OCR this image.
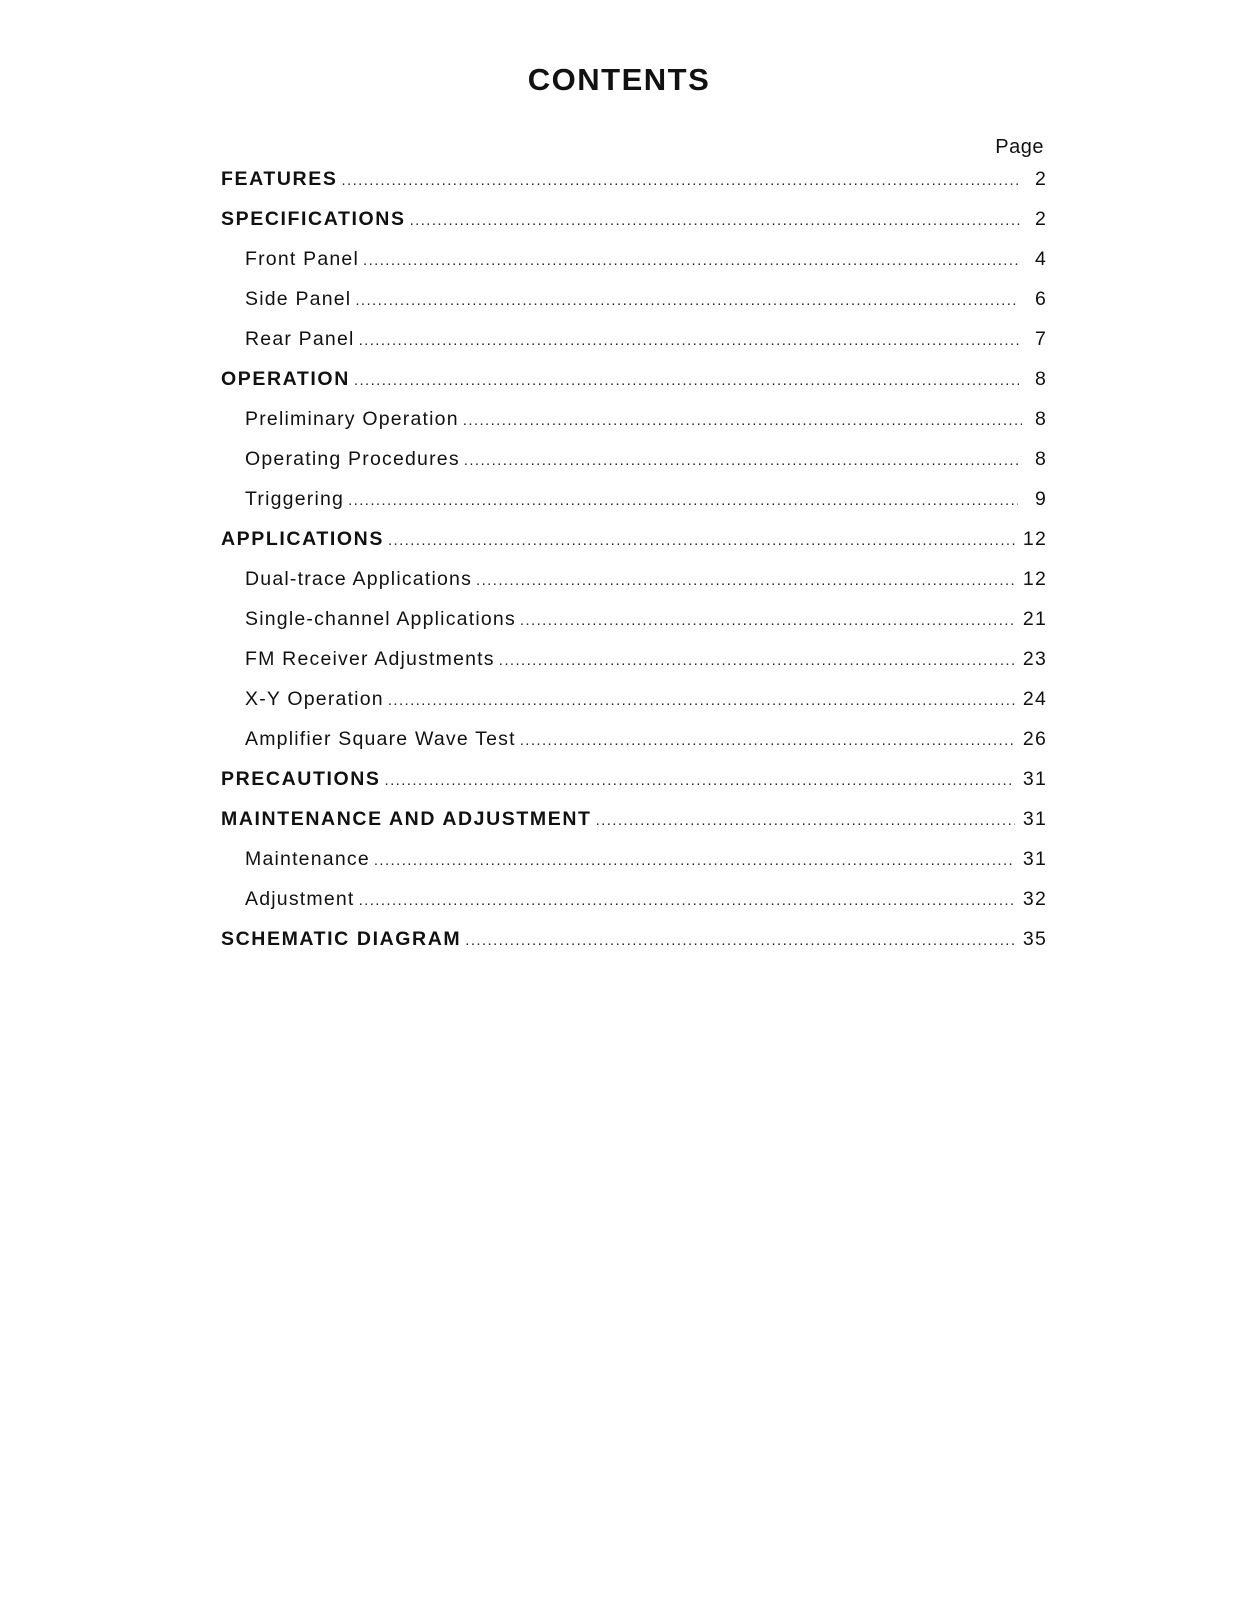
CONTENTS
Page
FEATURES .....	2
SPECIFICATIONS .....	2
Front Panel .....	4
Side Panel .....	6
Rear Panel .....	7
OPERATION .....	8
Preliminary Operation .....	8
Operating Procedures .....	8
Triggering .....	9
APPLICATIONS .....	12
Dual-trace Applications .....	12
Single-channel Applications .....	21
FM Receiver Adjustments .....	23
X-Y Operation .....	24
Amplifier Square Wave Test .....	26
PRECAUTIONS .....	31
MAINTENANCE AND ADJUSTMENT .....	31
Maintenance .....	31
Adjustment .....	32
SCHEMATIC DIAGRAM .....	35
